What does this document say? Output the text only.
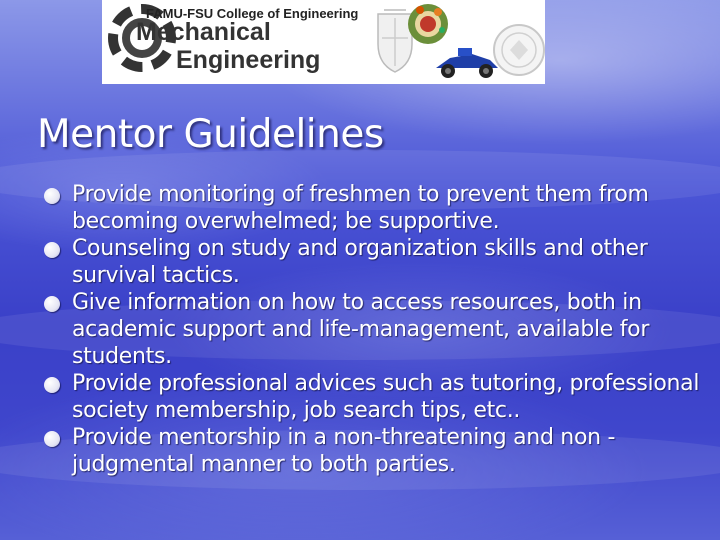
FAMU-FSU College of Engineering
Mechanical
Engineering
Mentor Guidelines
Provide monitoring of freshmen to prevent them from becoming overwhelmed; be supportive.
Counseling on study and organization skills and other survival tactics.
Give information on how to access resources, both in academic support and life-management, available for students.
Provide professional advices such as tutoring, professional society membership, job search tips, etc..
Provide mentorship in a non-threatening and non -judgmental manner to both parties.
